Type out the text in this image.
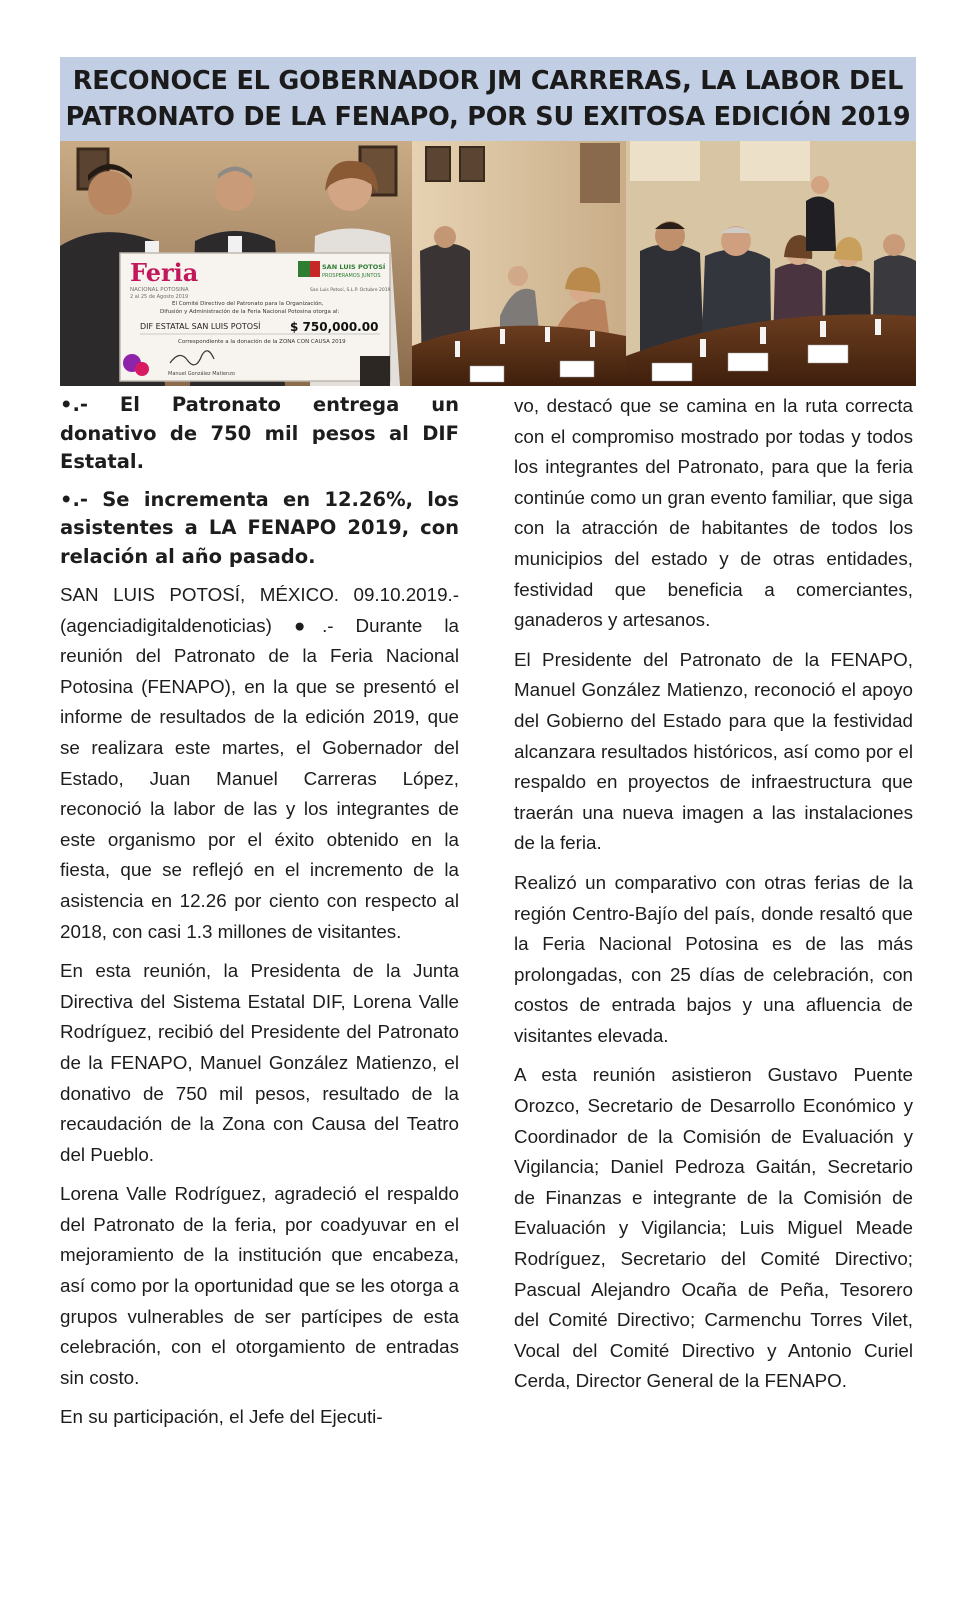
RECONOCE EL GOBERNADOR JM CARRERAS, LA LABOR DEL
PATRONATO DE LA FENAPO, POR SU EXITOSA EDICIÓN 2019
Feria
NACIONAL POTOSINA
2 al 25 de Agosto 2019
SAN LUIS POTOSÍ
PROSPERAMOS JUNTOS
San Luis Potosí, S.L.P. Octubre 2019
El Comité Directivo del Patronato para la Organización,
Difusión y Administración de la Feria Nacional Potosina otorga al:
DIF ESTATAL SAN LUIS POTOSÍ $ 750,000.00
Correspondiente a la donación de la ZONA CON CAUSA 2019
Manuel González Matienzo

•.- El Patronato entrega un donativo de 750 mil pesos al DIF Estatal.

•.- Se incrementa en 12.26%, los asistentes a LA FENAPO 2019, con relación al año pasado.

SAN LUIS POTOSÍ, MÉXICO. 09.10.2019.- (agenciadigitaldenoticias) ●.- Durante la reunión del Patronato de la Feria Nacional Potosina (FENAPO), en la que se presentó el informe de resultados de la edición 2019, que se realizara este martes, el Gobernador del Estado, Juan Manuel Carreras López, reconoció la labor de las y los integrantes de este organismo por el éxito obtenido en la fiesta, que se reflejó en el incremento de la asistencia en 12.26 por ciento con respecto al 2018, con casi 1.3 millones de visitantes.

En esta reunión, la Presidenta de la Junta Directiva del Sistema Estatal DIF, Lorena Valle Rodríguez, recibió del Presidente del Patronato de la FENAPO, Manuel González Matienzo, el donativo de 750 mil pesos, resultado de la recaudación de la Zona con Causa del Teatro del Pueblo.

Lorena Valle Rodríguez, agradeció el respaldo del Patronato de la feria, por coadyuvar en el mejoramiento de la institución que encabeza, así como por la oportunidad que se les otorga a grupos vulnerables de ser partícipes de esta celebración, con el otorgamiento de entradas sin costo.

En su participación, el Jefe del Ejecuti-

vo, destacó que se camina en la ruta correcta con el compromiso mostrado por todas y todos los integrantes del Patronato, para que la feria continúe como un gran evento familiar, que siga con la atracción de habitantes de todos los municipios del estado y de otras entidades, festividad que beneficia a comerciantes, ganaderos y artesanos.

El Presidente del Patronato de la FENAPO, Manuel González Matienzo, reconoció el apoyo del Gobierno del Estado para que la festividad alcanzara resultados históricos, así como por el respaldo en proyectos de infraestructura que traerán una nueva imagen a las instalaciones de la feria.

Realizó un comparativo con otras ferias de la región Centro-Bajío del país, donde resaltó que la Feria Nacional Potosina es de las más prolongadas, con 25 días de celebración, con costos de entrada bajos y una afluencia de visitantes elevada.

A esta reunión asistieron Gustavo Puente Orozco, Secretario de Desarrollo Económico y Coordinador de la Comisión de Evaluación y Vigilancia; Daniel Pedroza Gaitán, Secretario de Finanzas e integrante de la Comisión de Evaluación y Vigilancia; Luis Miguel Meade Rodríguez, Secretario del Comité Directivo; Pascual Alejandro Ocaña de Peña, Tesorero del Comité Directivo; Carmenchu Torres Vilet, Vocal del Comité Directivo y Antonio Curiel Cerda, Director General de la FENAPO.
